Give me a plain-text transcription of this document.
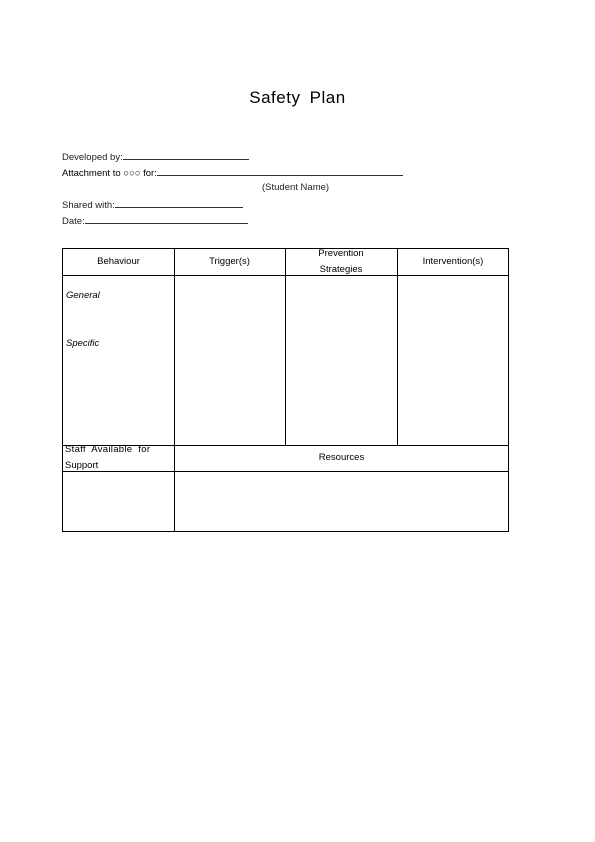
Safety Plan
Developed by:
Attachment to ○○○ for:
(Student Name)
Shared with:
Date:
Behaviour	Trigger(s)
Prevention
Strategies
Intervention(s)
General
Specific
Staff Available for
Support
Resources
